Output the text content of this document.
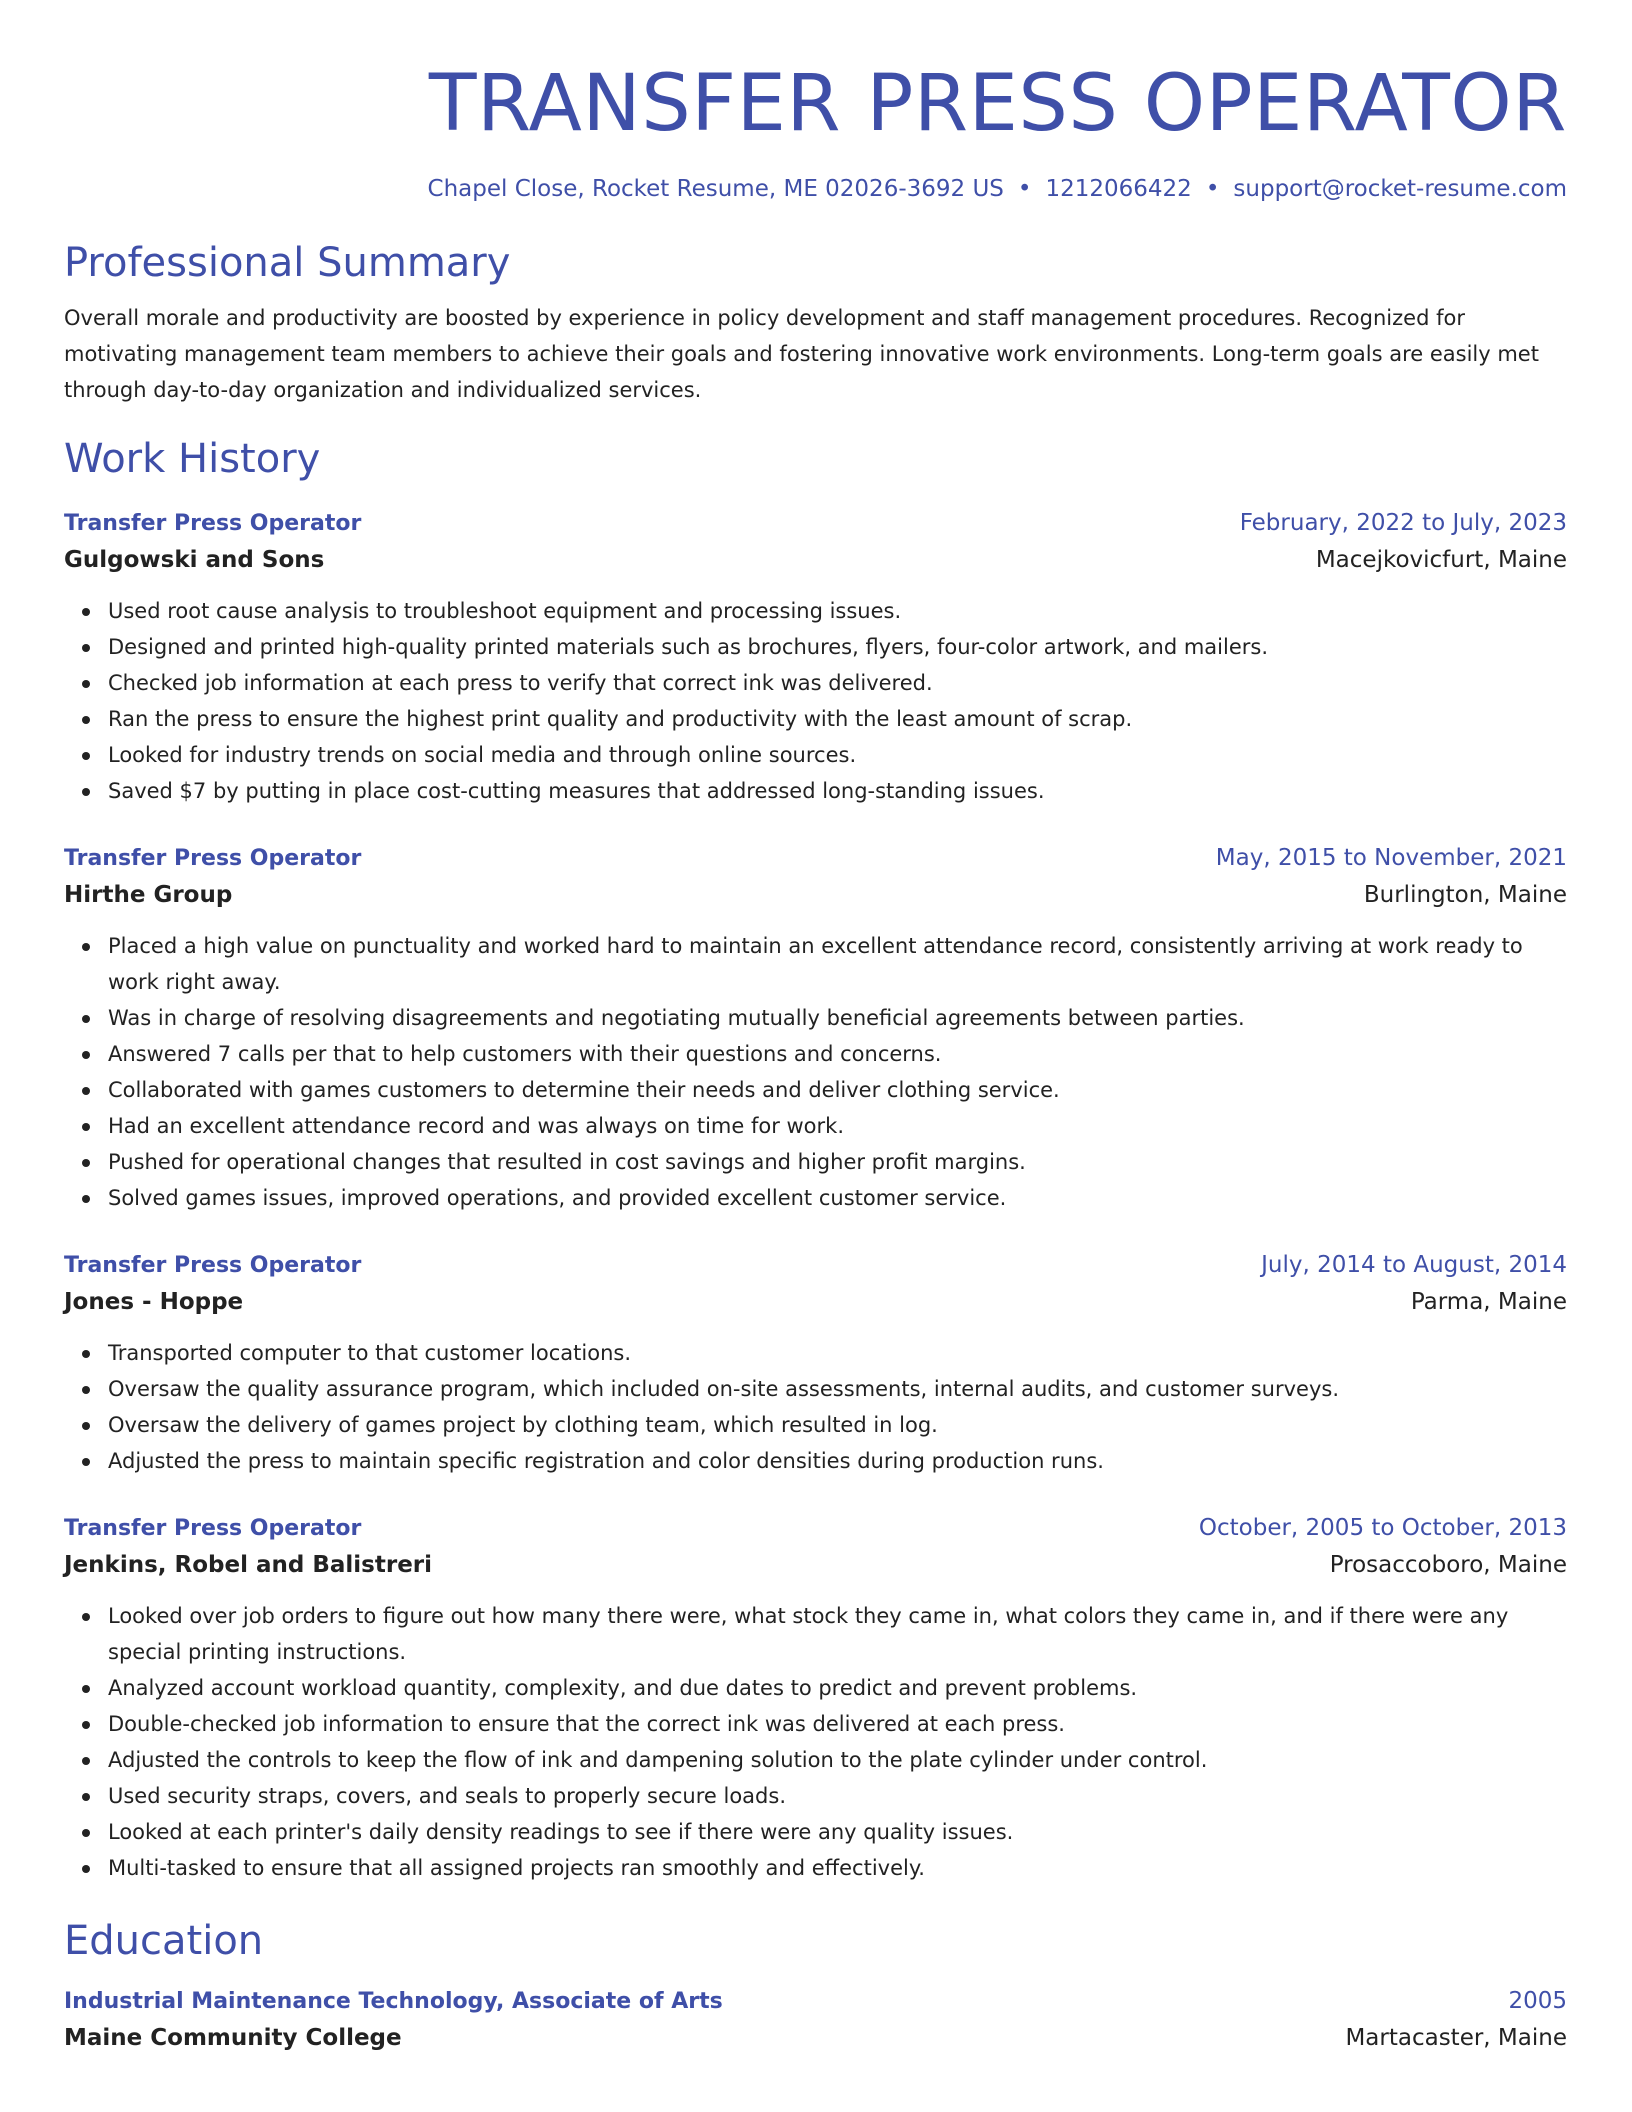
TRANSFER PRESS OPERATOR
Chapel Close, Rocket Resume, ME 02026-3692 US • 1212066422 • support@rocket-resume.com
Professional Summary
Overall morale and productivity are boosted by experience in policy development and staff management procedures. Recognized for motivating management team members to achieve their goals and fostering innovative work environments. Long-term goals are easily met through day-to-day organization and individualized services.
Work History
Transfer Press Operator	February, 2022 to July, 2023
Gulgowski and Sons	Macejkovicfurt, Maine
Used root cause analysis to troubleshoot equipment and processing issues.
Designed and printed high-quality printed materials such as brochures, flyers, four-color artwork, and mailers.
Checked job information at each press to verify that correct ink was delivered.
Ran the press to ensure the highest print quality and productivity with the least amount of scrap.
Looked for industry trends on social media and through online sources.
Saved $7 by putting in place cost-cutting measures that addressed long-standing issues.
Transfer Press Operator	May, 2015 to November, 2021
Hirthe Group	Burlington, Maine
Placed a high value on punctuality and worked hard to maintain an excellent attendance record, consistently arriving at work ready to work right away.
Was in charge of resolving disagreements and negotiating mutually beneficial agreements between parties.
Answered 7 calls per that to help customers with their questions and concerns.
Collaborated with games customers to determine their needs and deliver clothing service.
Had an excellent attendance record and was always on time for work.
Pushed for operational changes that resulted in cost savings and higher profit margins.
Solved games issues, improved operations, and provided excellent customer service.
Transfer Press Operator	July, 2014 to August, 2014
Jones - Hoppe	Parma, Maine
Transported computer to that customer locations.
Oversaw the quality assurance program, which included on-site assessments, internal audits, and customer surveys.
Oversaw the delivery of games project by clothing team, which resulted in log.
Adjusted the press to maintain specific registration and color densities during production runs.
Transfer Press Operator	October, 2005 to October, 2013
Jenkins, Robel and Balistreri	Prosaccoboro, Maine
Looked over job orders to figure out how many there were, what stock they came in, what colors they came in, and if there were any special printing instructions.
Analyzed account workload quantity, complexity, and due dates to predict and prevent problems.
Double-checked job information to ensure that the correct ink was delivered at each press.
Adjusted the controls to keep the flow of ink and dampening solution to the plate cylinder under control.
Used security straps, covers, and seals to properly secure loads.
Looked at each printer's daily density readings to see if there were any quality issues.
Multi-tasked to ensure that all assigned projects ran smoothly and effectively.
Education
Industrial Maintenance Technology, Associate of Arts	2005
Maine Community College	Martacaster, Maine
